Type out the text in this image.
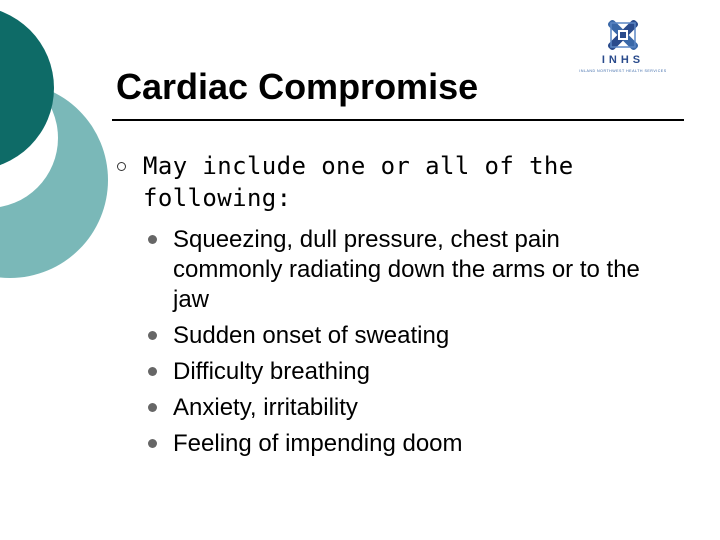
INHS
INLAND NORTHWEST HEALTH SERVICES
Cardiac Compromise
May include one or all of the following:
Squeezing, dull pressure, chest pain commonly radiating down the arms or to the jaw
Sudden onset of sweating
Difficulty breathing
Anxiety, irritability
Feeling of impending doom
